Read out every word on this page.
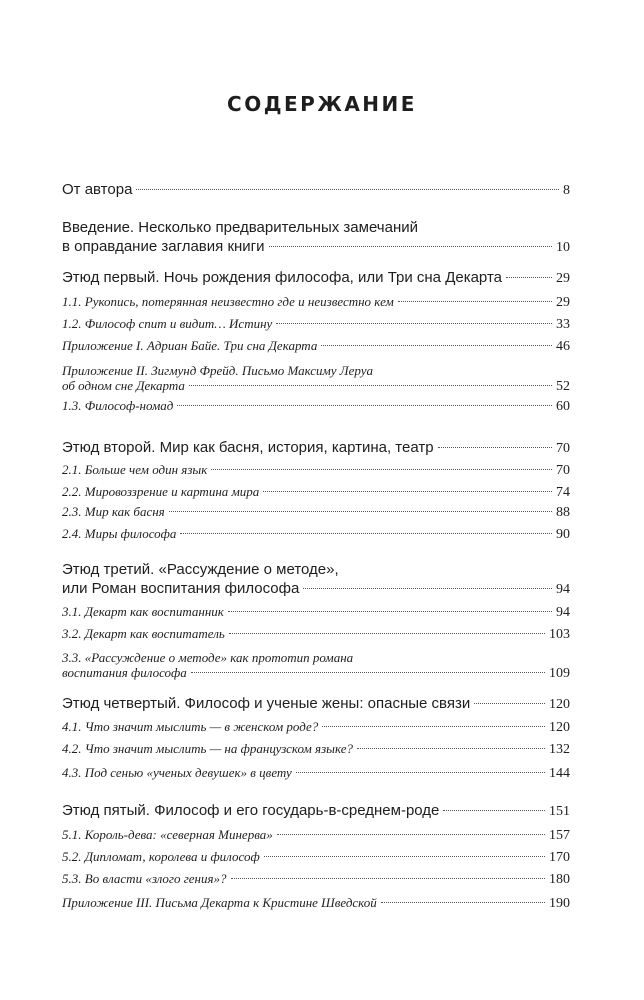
СОДЕРЖАНИЕ
От автора	8
Введение. Несколько предварительных замечаний
в оправдание заглавия книги	10
Этюд первый. Ночь рождения философа, или Три сна Декарта	29
1.1. Рукопись, потерянная неизвестно где и неизвестно кем	29
1.2. Философ спит и видит… Истину	33
Приложение I. Адриан Байе. Три сна Декарта	46
Приложение II. Зигмунд Фрейд. Письмо Максиму Леруа
об одном сне Декарта	52
1.3. Философ-номад	60
Этюд второй. Мир как басня, история, картина, театр	70
2.1. Больше чем один язык	70
2.2. Мировоззрение и картина мира	74
2.3. Мир как басня	88
2.4. Миры философа	90
Этюд третий. «Рассуждение о методе»,
или Роман воспитания философа	94
3.1. Декарт как воспитанник	94
3.2. Декарт как воспитатель	103
3.3. «Рассуждение о методе» как прототип романа
воспитания философа	109
Этюд четвертый. Философ и ученые жены: опасные связи	120
4.1. Что значит мыслить — в женском роде?	120
4.2. Что значит мыслить — на французском языке?	132
4.3. Под сенью «ученых девушек» в цвету	144
Этюд пятый. Философ и его государь-в-среднем-роде	151
5.1. Король-дева: «северная Минерва»	157
5.2. Дипломат, королева и философ	170
5.3. Во власти «злого гения»?	180
Приложение III. Письма Декарта к Кристине Шведской	190
